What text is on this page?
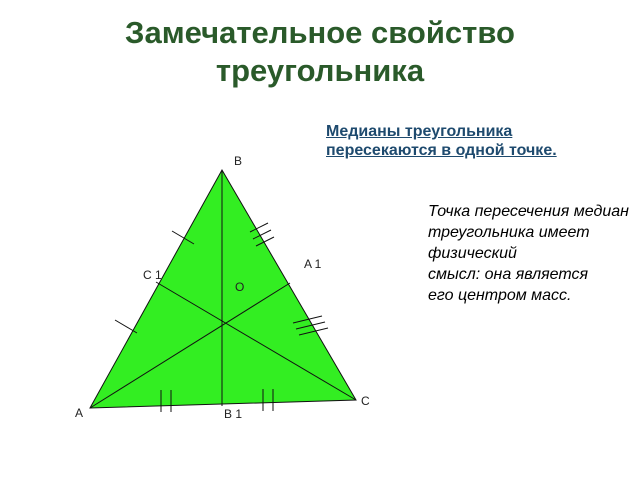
Замечательное свойство
треугольника
Медианы треугольника
пересекаются в одной точке.
Точка пересечения медиан
треугольника имеет физический
смысл: она является
его центром масс.
B
A 1
C 1
O
C
A	B 1
